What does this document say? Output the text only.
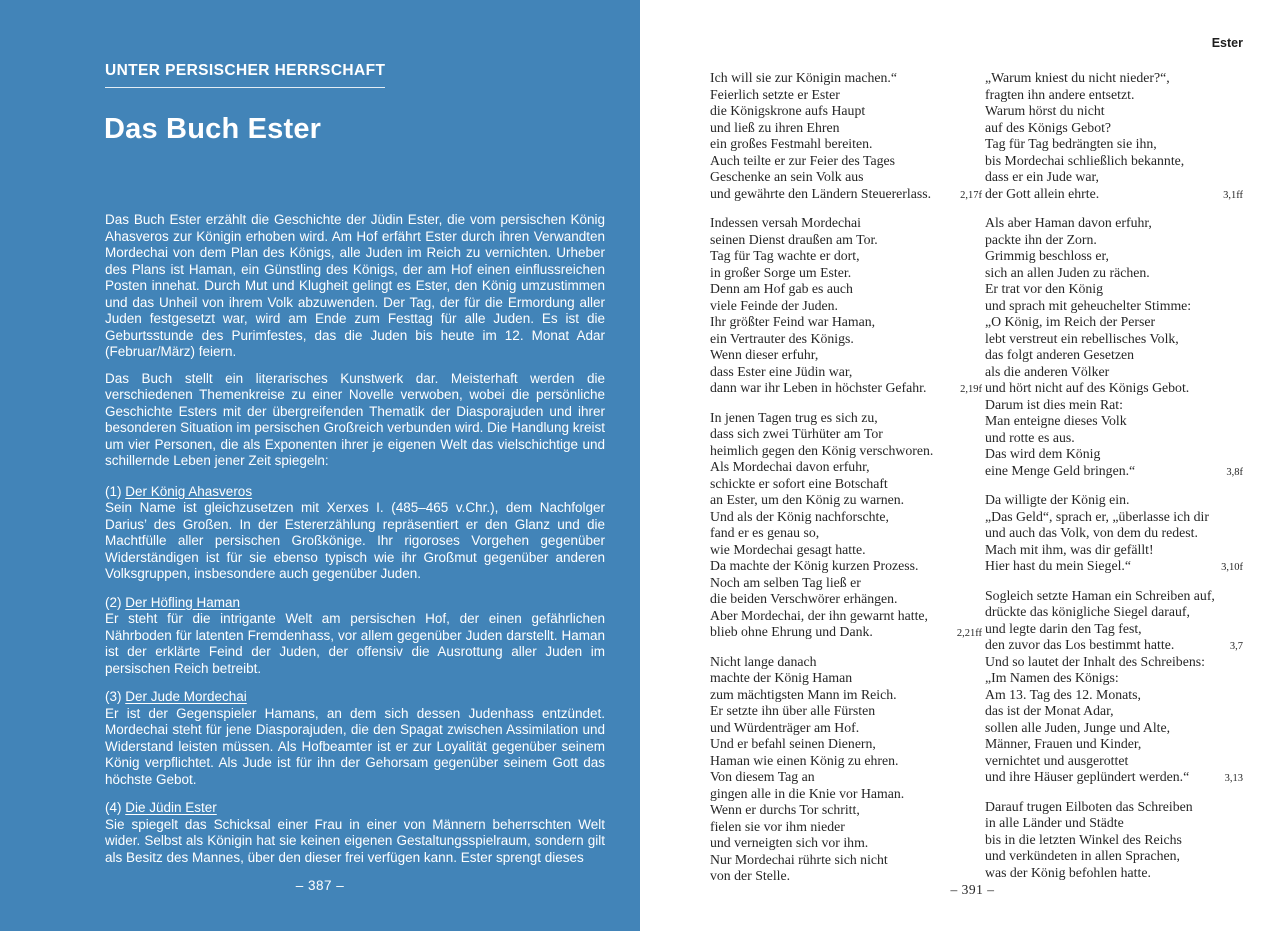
UNTER PERSISCHER HERRSCHAFT
Das Buch Ester

Das Buch Ester erzählt die Geschichte der Jüdin Ester, die vom persischen König Ahasveros zur Königin erhoben wird. Am Hof erfährt Ester durch ihren Verwandten Mordechai von dem Plan des Königs, alle Juden im Reich zu vernichten. Urheber des Plans ist Haman, ein Günstling des Königs, der am Hof einen einflussreichen Posten innehat. Durch Mut und Klugheit gelingt es Ester, den König umzustimmen und das Unheil von ihrem Volk abzuwenden. Der Tag, der für die Ermordung aller Juden festgesetzt war, wird am Ende zum Festtag für alle Juden. Es ist die Geburtsstunde des Purimfestes, das die Juden bis heute im 12. Monat Adar (Februar/März) feiern.

Das Buch stellt ein literarisches Kunstwerk dar. Meisterhaft werden die verschiedenen Themenkreise zu einer Novelle verwoben, wobei die persönliche Geschichte Esters mit der übergreifenden Thematik der Diasporajuden und ihrer besonderen Situation im persischen Großreich verbunden wird. Die Handlung kreist um vier Personen, die als Exponenten ihrer je eigenen Welt das vielschichtige und schillernde Leben jener Zeit spiegeln:

(1) Der König Ahasveros
Sein Name ist gleichzusetzen mit Xerxes I. (485–465 v.Chr.), dem Nachfolger Darius’ des Großen. In der Estererzählung repräsentiert er den Glanz und die Machtfülle aller persischen Großkönige. Ihr rigoroses Vorgehen gegenüber Widerständigen ist für sie ebenso typisch wie ihr Großmut gegenüber anderen Volksgruppen, insbesondere auch gegenüber Juden.
(2) Der Höfling Haman
Er steht für die intrigante Welt am persischen Hof, der einen gefährlichen Nährboden für latenten Fremdenhass, vor allem gegenüber Juden darstellt. Haman ist der erklärte Feind der Juden, der offensiv die Ausrottung aller Juden im persischen Reich betreibt.
(3) Der Jude Mordechai
Er ist der Gegenspieler Hamans, an dem sich dessen Judenhass entzündet. Mordechai steht für jene Diasporajuden, die den Spagat zwischen Assimilation und Widerstand leisten müssen. Als Hofbeamter ist er zur Loyalität gegenüber seinem König verpflichtet. Als Jude ist für ihn der Gehorsam gegenüber seinem Gott das höchste Gebot.
(4) Die Jüdin Ester
Sie spiegelt das Schicksal einer Frau in einer von Männern beherrschten Welt wider. Selbst als Königin hat sie keinen eigenen Gestaltungsspielraum, sondern gilt als Besitz des Mannes, über den dieser frei verfügen kann. Ester sprengt dieses
– 387 –
Ester
Ich will sie zur Königin machen.“
Feierlich setzte er Ester
die Königskrone aufs Haupt
und ließ zu ihren Ehren
ein großes Festmahl bereiten.
Auch teilte er zur Feier des Tages
Geschenke an sein Volk aus
und gewährte den Ländern Steuererlass.	2,17f
Indessen versah Mordechai
seinen Dienst draußen am Tor.
Tag für Tag wachte er dort,
in großer Sorge um Ester.
Denn am Hof gab es auch
viele Feinde der Juden.
Ihr größter Feind war Haman,
ein Vertrauter des Königs.
Wenn dieser erfuhr,
dass Ester eine Jüdin war,
dann war ihr Leben in höchster Gefahr.	2,19f
In jenen Tagen trug es sich zu,
dass sich zwei Türhüter am Tor
heimlich gegen den König verschworen.
Als Mordechai davon erfuhr,
schickte er sofort eine Botschaft
an Ester, um den König zu warnen.
Und als der König nachforschte,
fand er es genau so,
wie Mordechai gesagt hatte.
Da machte der König kurzen Prozess.
Noch am selben Tag ließ er
die beiden Verschwörer erhängen.
Aber Mordechai, der ihn gewarnt hatte,
blieb ohne Ehrung und Dank.	2,21ff
Nicht lange danach
machte der König Haman
zum mächtigsten Mann im Reich.
Er setzte ihn über alle Fürsten
und Würdenträger am Hof.
Und er befahl seinen Dienern,
Haman wie einen König zu ehren.
Von diesem Tag an
gingen alle in die Knie vor Haman.
Wenn er durchs Tor schritt,
fielen sie vor ihm nieder
und verneigten sich vor ihm.
Nur Mordechai rührte sich nicht
von der Stelle.
„Warum kniest du nicht nieder?“,
fragten ihn andere entsetzt.
Warum hörst du nicht
auf des Königs Gebot?
Tag für Tag bedrängten sie ihn,
bis Mordechai schließlich bekannte,
dass er ein Jude war,
der Gott allein ehrte.	3,1ff
Als aber Haman davon erfuhr,
packte ihn der Zorn.
Grimmig beschloss er,
sich an allen Juden zu rächen.
Er trat vor den König
und sprach mit geheuchelter Stimme:
„O König, im Reich der Perser
lebt verstreut ein rebellisches Volk,
das folgt anderen Gesetzen
als die anderen Völker
und hört nicht auf des Königs Gebot.
Darum ist dies mein Rat:
Man enteigne dieses Volk
und rotte es aus.
Das wird dem König
eine Menge Geld bringen.“	3,8f
Da willigte der König ein.
„Das Geld“, sprach er, „überlasse ich dir
und auch das Volk, von dem du redest.
Mach mit ihm, was dir gefällt!
Hier hast du mein Siegel.“	3,10f
Sogleich setzte Haman ein Schreiben auf,
drückte das königliche Siegel darauf,
und legte darin den Tag fest,
den zuvor das Los bestimmt hatte.	3,7
Und so lautet der Inhalt des Schreibens:
„Im Namen des Königs:
Am 13. Tag des 12. Monats,
das ist der Monat Adar,
sollen alle Juden, Junge und Alte,
Männer, Frauen und Kinder,
vernichtet und ausgerottet
und ihre Häuser geplündert werden.“	3,13
Darauf trugen Eilboten das Schreiben
in alle Länder und Städte
bis in die letzten Winkel des Reichs
und verkündeten in allen Sprachen,
was der König befohlen hatte.
– 391 –
